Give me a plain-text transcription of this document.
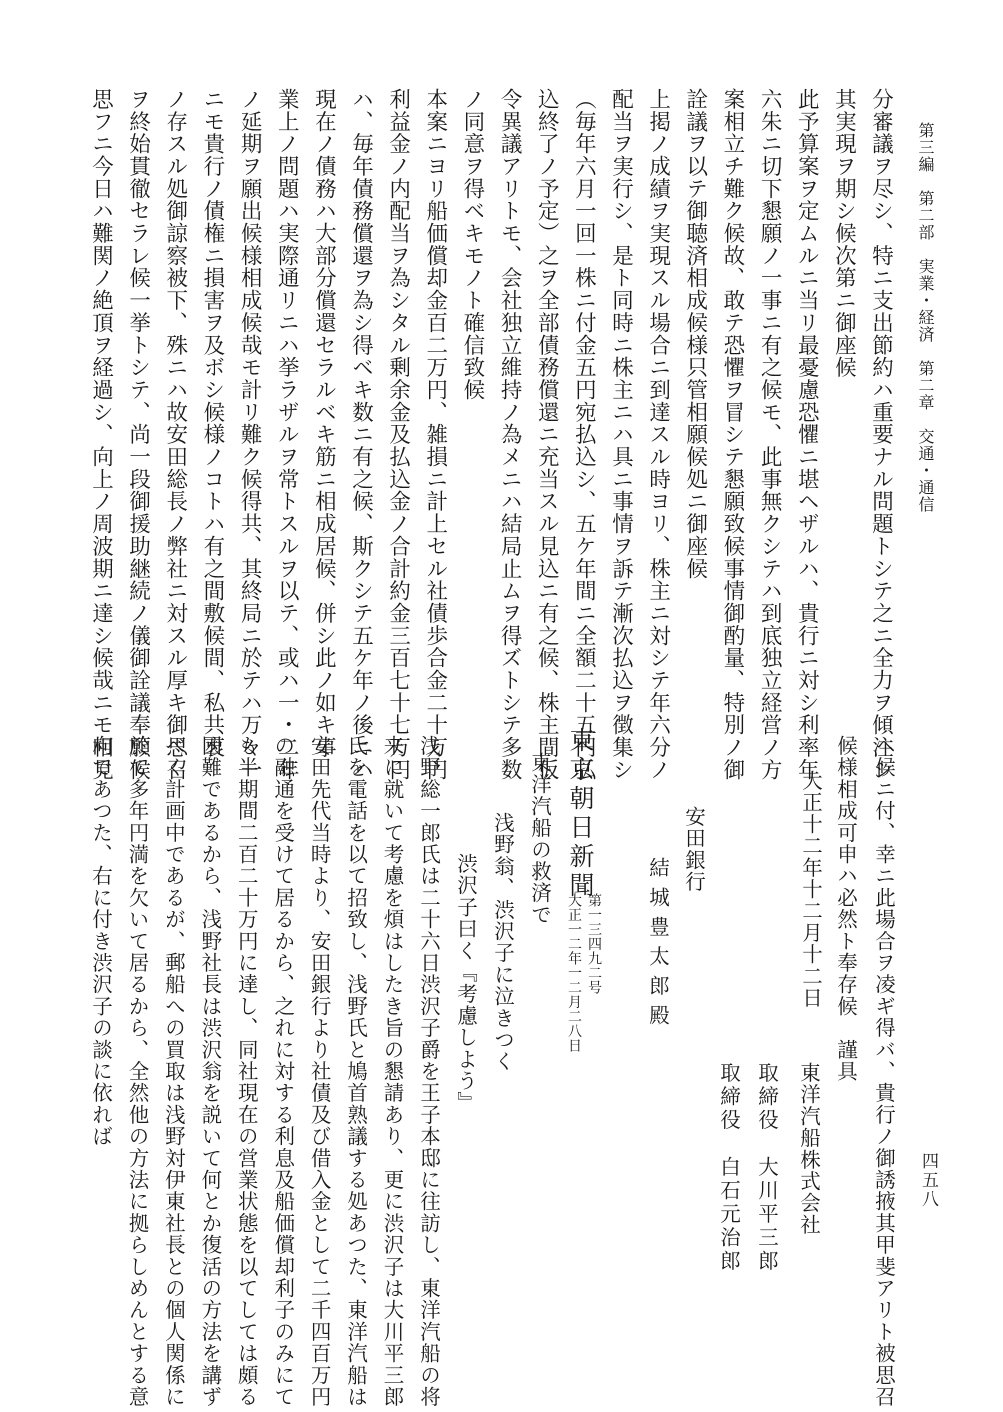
第三編　第二部　実業・経済　第二章　交通・通信
四五八
分審議ヲ尽シ、特ニ支出節約ハ重要ナル問題トシテ之ニ全力ヲ傾注シ
其実現ヲ期シ候次第ニ御座候
此予算案ヲ定ムルニ当リ最憂慮恐懼ニ堪ヘザルハ、貴行ニ対シ利率年
六朱ニ切下懇願ノ一事ニ有之候モ、此事無クシテハ到底独立経営ノ方
案相立チ難ク候故、敢テ恐懼ヲ冒シテ懇願致候事情御酌量、特別ノ御
詮議ヲ以テ御聴済相成候様只管相願候処ニ御座候
上掲ノ成績ヲ実現スル場合ニ到達スル時ヨリ、株主ニ対シテ年六分ノ
配当ヲ実行シ、是ト同時ニ株主ニハ具ニ事情ヲ訴テ漸次払込ヲ徴集シ
（毎年六月一回一株ニ付金五円宛払込シ、五ケ年間ニ全額二十五円払
込終了ノ予定）之ヲ全部債務償還ニ充当スル見込ニ有之候、株主間仮
令異議アリトモ、会社独立維持ノ為メニハ結局止ムヲ得ズトシテ多数
ノ同意ヲ得ベキモノト確信致候
本案ニヨリ船価償却金百二万円、雑損ニ計上セル社債歩合金二十万円
利益金ノ内配当ヲ為シタル剰余金及払込金ノ合計約金三百七十七万円
ハ、毎年債務償還ヲ為シ得ベキ数ニ有之候、斯クシテ五ケ年ノ後ニハ
現在ノ債務ハ大部分償還セラルベキ筋ニ相成居候、併シ此ノ如キ事
業上ノ問題ハ実際通リニハ挙ラザルヲ常トスルヲ以テ、或ハ一・二年
ノ延期ヲ願出候様相成候哉モ計リ難ク候得共、其終局ニ於テハ万々一
ニモ貴行ノ債権ニ損害ヲ及ボシ候様ノコトハ有之間敷候間、私共衷
ノ存スル処御諒察被下、殊ニハ故安田総長ノ弊社ニ対スル厚キ御思召
ヲ終始貫徹セラレ候一挙トシテ、尚一段御援助継続ノ儀御詮議奉願候
思フニ今日ハ難関ノ絶頂ヲ経過シ、向上ノ周波期ニ達シ候哉ニモ相見
ヘ候ニ付、幸ニ此場合ヲ凌ギ得バ、貴行ノ御誘掖其甲斐アリト被思召
候様相成可申ハ必然ト奉存候　謹具
大正十二年十二月十二日
東洋汽船株式会社
取締役　大川平三郎
取締役　白石元治郎
安田銀行
結城豊太郎殿
東京朝日新聞
第一三四九二号
大正一二年一二月二八日
東洋汽船の救済で
浅野翁、渋沢子に泣きつく
渋沢子曰く『考慮しよう』
浅野総一郎氏は二十六日渋沢子爵を王子本邸に往訪し、東洋汽船の将
来に就いて考慮を煩はしたき旨の懇請あり、更に渋沢子は大川平三郎
氏を電話を以て招致し、浅野氏と鳩首熟議する処あつた、東洋汽船は
安田先代当時より、安田銀行より社債及び借入金として二千四百万円
の融通を受けて居るから、之れに対する利息及船価償却利子のみにて
も半期間二百二十万円に達し、同社現在の営業状態を以てしては頗る
困難であるから、浅野社長は渋沢翁を説いて何とか復活の方法を講ず
べく計画中であるが、郵船への買取は浅野対伊東社長との個人関係に
於て多年円満を欠いて居るから、全然他の方法に拠らしめんとする意
向であつた、右に付き渋沢子の談に依れば
